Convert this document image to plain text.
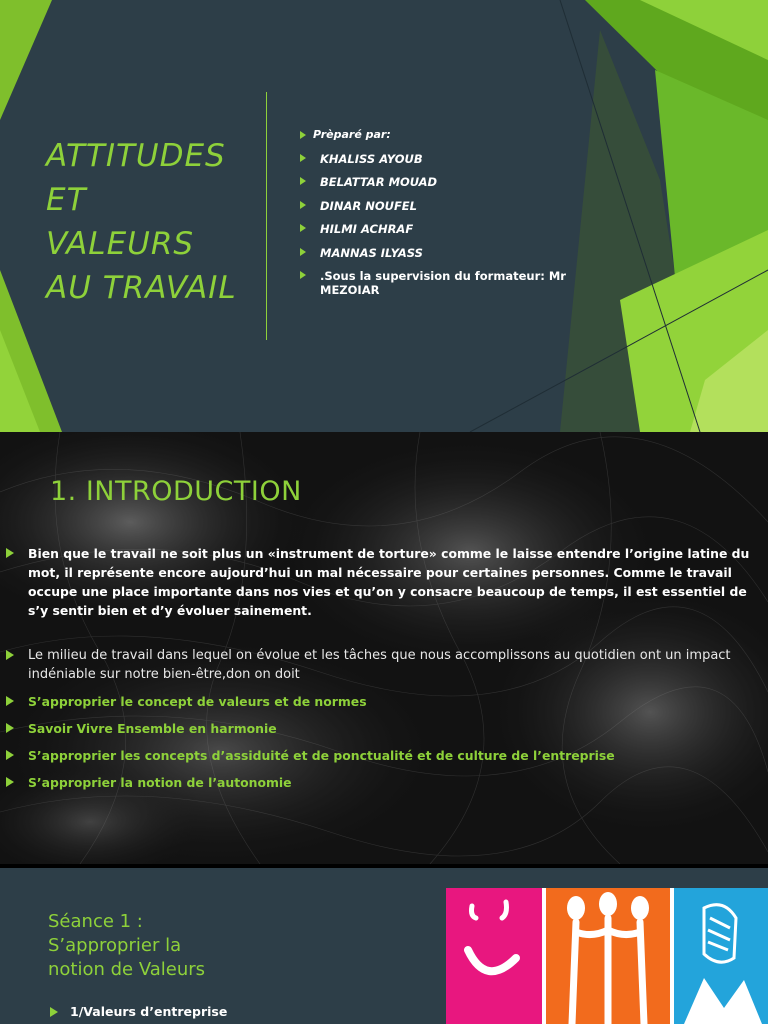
ATTITUDES
ET
VALEURS
AU TRAVAIL
Prèparé par:
KHALISS AYOUB
BELATTAR MOUAD
DINAR NOUFEL
HILMI ACHRAF
MANNAS ILYASS
.Sous la supervision du formateur: Mr MEZOIAR
1. INTRODUCTION
Bien que le travail ne soit plus un «instrument de torture» comme le laisse entendre l’origine latine du mot, il représente encore aujourd’hui un mal nécessaire pour certaines personnes. Comme le travail occupe une place importante dans nos vies et qu’on y consacre beaucoup de temps, il est essentiel de s’y sentir bien et d’y évoluer sainement.
Le milieu de travail dans lequel on évolue et les tâches que nous accomplissons au quotidien ont un impact indéniable sur notre bien-être,don on doit
S’approprier le concept de valeurs et de normes
Savoir Vivre Ensemble en harmonie
S’approprier les concepts d’assiduité et de ponctualité et de culture de l’entreprise
S’approprier la notion de l’autonomie
Séance 1 :
S’approprier la
notion de Valeurs
1/Valeurs d’entreprise
